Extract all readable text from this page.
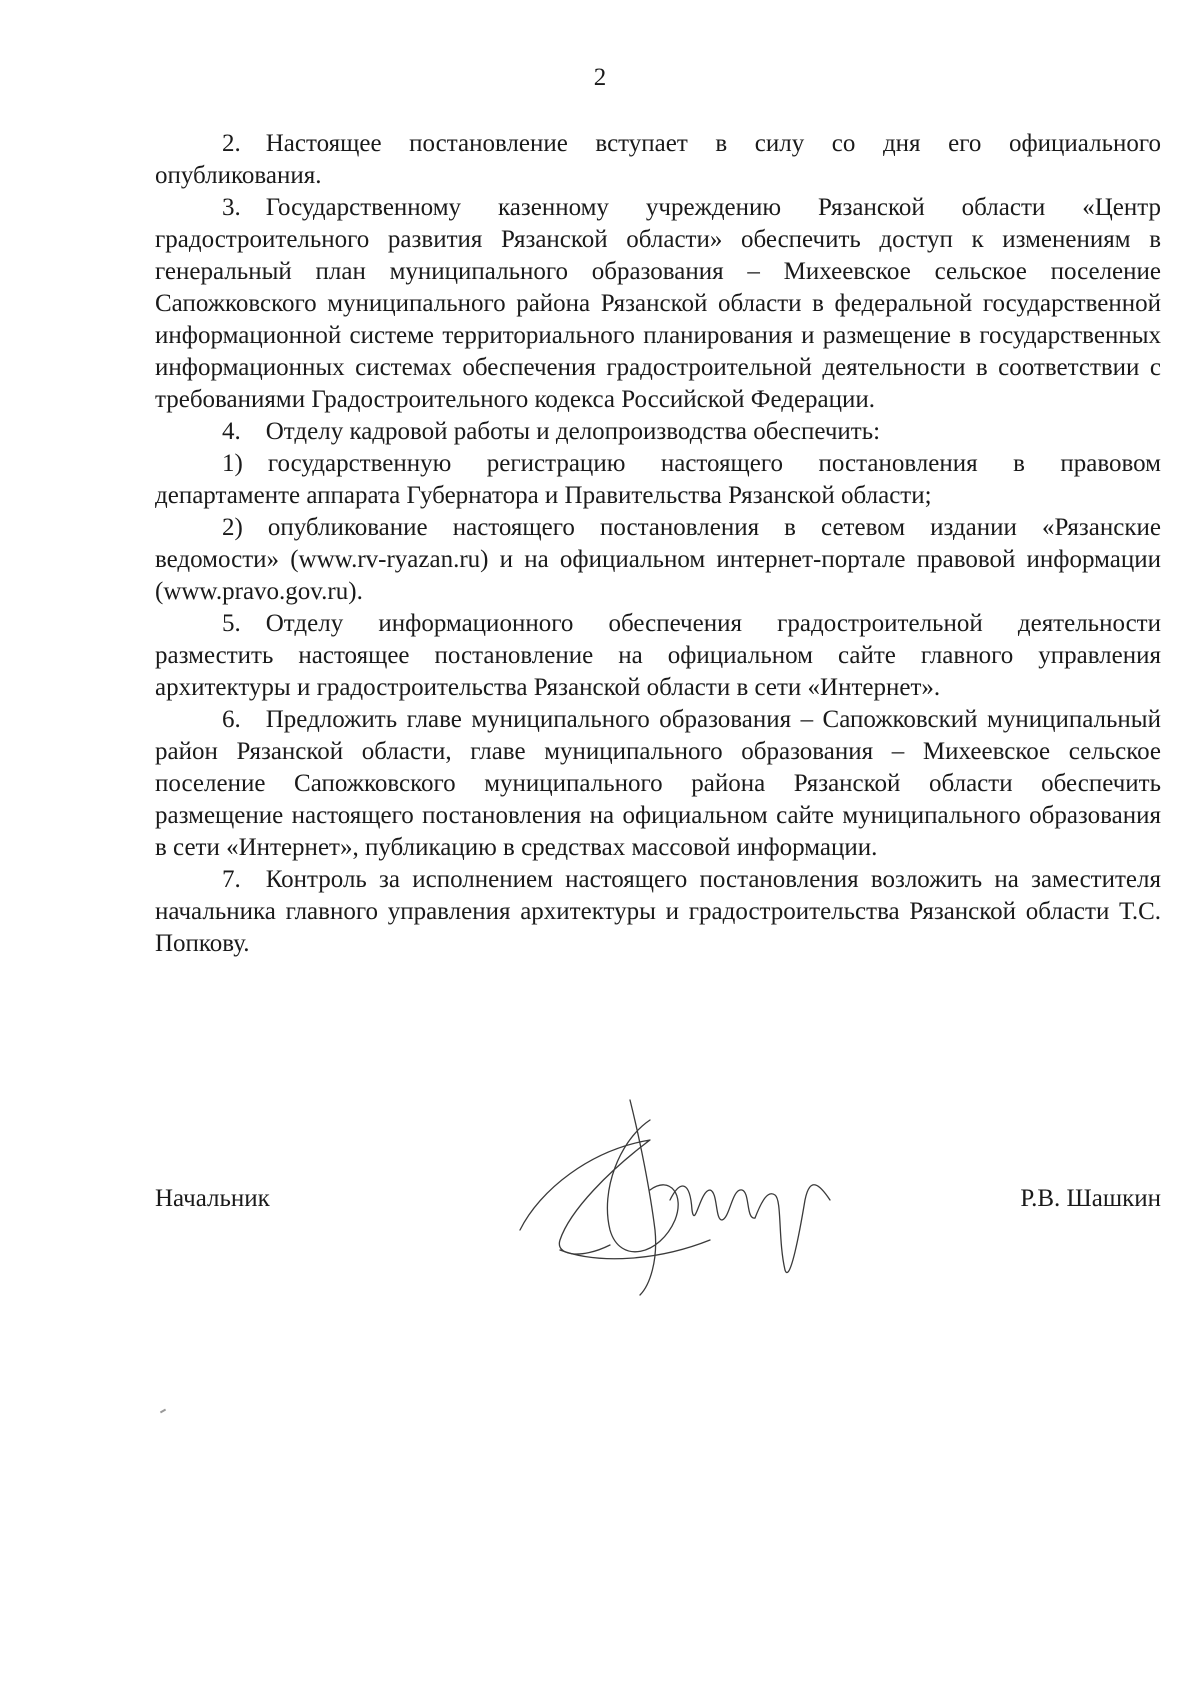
2

2. Настоящее постановление вступает в силу со дня его официального опубликования.

3. Государственному казенному учреждению Рязанской области «Центр градостроительного развития Рязанской области» обеспечить доступ к изменениям в генеральный план муниципального образования – Михеевское сельское поселение Сапожковского муниципального района Рязанской области в федеральной государственной информационной системе территориального планирования и размещение в государственных информационных системах обеспечения градостроительной деятельности в соответствии с требованиями Градостроительного кодекса Российской Федерации.

4. Отделу кадровой работы и делопроизводства обеспечить:

1) государственную регистрацию настоящего постановления в правовом департаменте аппарата Губернатора и Правительства Рязанской области;

2) опубликование настоящего постановления в сетевом издании «Рязанские ведомости» (www.rv-ryazan.ru) и на официальном интернет-портале правовой информации (www.pravo.gov.ru).

5. Отделу информационного обеспечения градостроительной деятельности разместить настоящее постановление на официальном сайте главного управления архитектуры и градостроительства Рязанской области в сети «Интернет».

6. Предложить главе муниципального образования – Сапожковский муниципальный район Рязанской области, главе муниципального образования – Михеевское сельское поселение Сапожковского муниципального района Рязанской области обеспечить размещение настоящего постановления на официальном сайте муниципального образования в сети «Интернет», публикацию в средствах массовой информации.

7. Контроль за исполнением настоящего постановления возложить на заместителя начальника главного управления архитектуры и градостроительства Рязанской области Т.С. Попкову.

Начальник	Р.В. Шашкин
